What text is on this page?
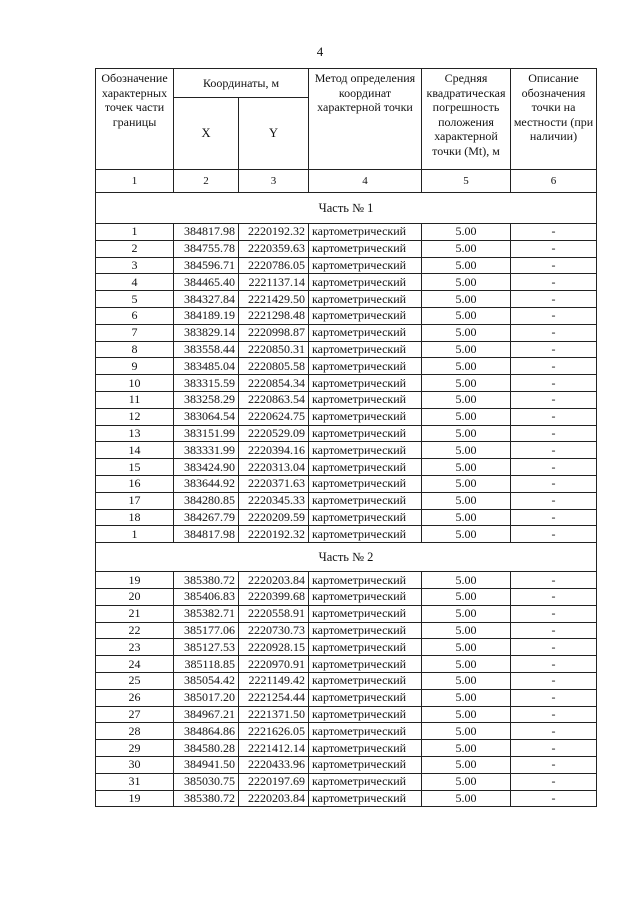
4
Обозначение характерных точек части границы	Координаты, м		Метод определения координат характерной точки	Средняя квадратическая погрешность положения характерной точки (Mt), м	Описание обозначения точки на местности (при наличии)
	X	Y			
1	2	3	4	5	6
Часть № 1					
1	384817.98	2220192.32	картометрический	5.00	-
2	384755.78	2220359.63	картометрический	5.00	-
3	384596.71	2220786.05	картометрический	5.00	-
4	384465.40	2221137.14	картометрический	5.00	-
5	384327.84	2221429.50	картометрический	5.00	-
6	384189.19	2221298.48	картометрический	5.00	-
7	383829.14	2220998.87	картометрический	5.00	-
8	383558.44	2220850.31	картометрический	5.00	-
9	383485.04	2220805.58	картометрический	5.00	-
10	383315.59	2220854.34	картометрический	5.00	-
11	383258.29	2220863.54	картометрический	5.00	-
12	383064.54	2220624.75	картометрический	5.00	-
13	383151.99	2220529.09	картометрический	5.00	-
14	383331.99	2220394.16	картометрический	5.00	-
15	383424.90	2220313.04	картометрический	5.00	-
16	383644.92	2220371.63	картометрический	5.00	-
17	384280.85	2220345.33	картометрический	5.00	-
18	384267.79	2220209.59	картометрический	5.00	-
1	384817.98	2220192.32	картометрический	5.00	-
Часть № 2					
19	385380.72	2220203.84	картометрический	5.00	-
20	385406.83	2220399.68	картометрический	5.00	-
21	385382.71	2220558.91	картометрический	5.00	-
22	385177.06	2220730.73	картометрический	5.00	-
23	385127.53	2220928.15	картометрический	5.00	-
24	385118.85	2220970.91	картометрический	5.00	-
25	385054.42	2221149.42	картометрический	5.00	-
26	385017.20	2221254.44	картометрический	5.00	-
27	384967.21	2221371.50	картометрический	5.00	-
28	384864.86	2221626.05	картометрический	5.00	-
29	384580.28	2221412.14	картометрический	5.00	-
30	384941.50	2220433.96	картометрический	5.00	-
31	385030.75	2220197.69	картометрический	5.00	-
19	385380.72	2220203.84	картометрический	5.00	-
